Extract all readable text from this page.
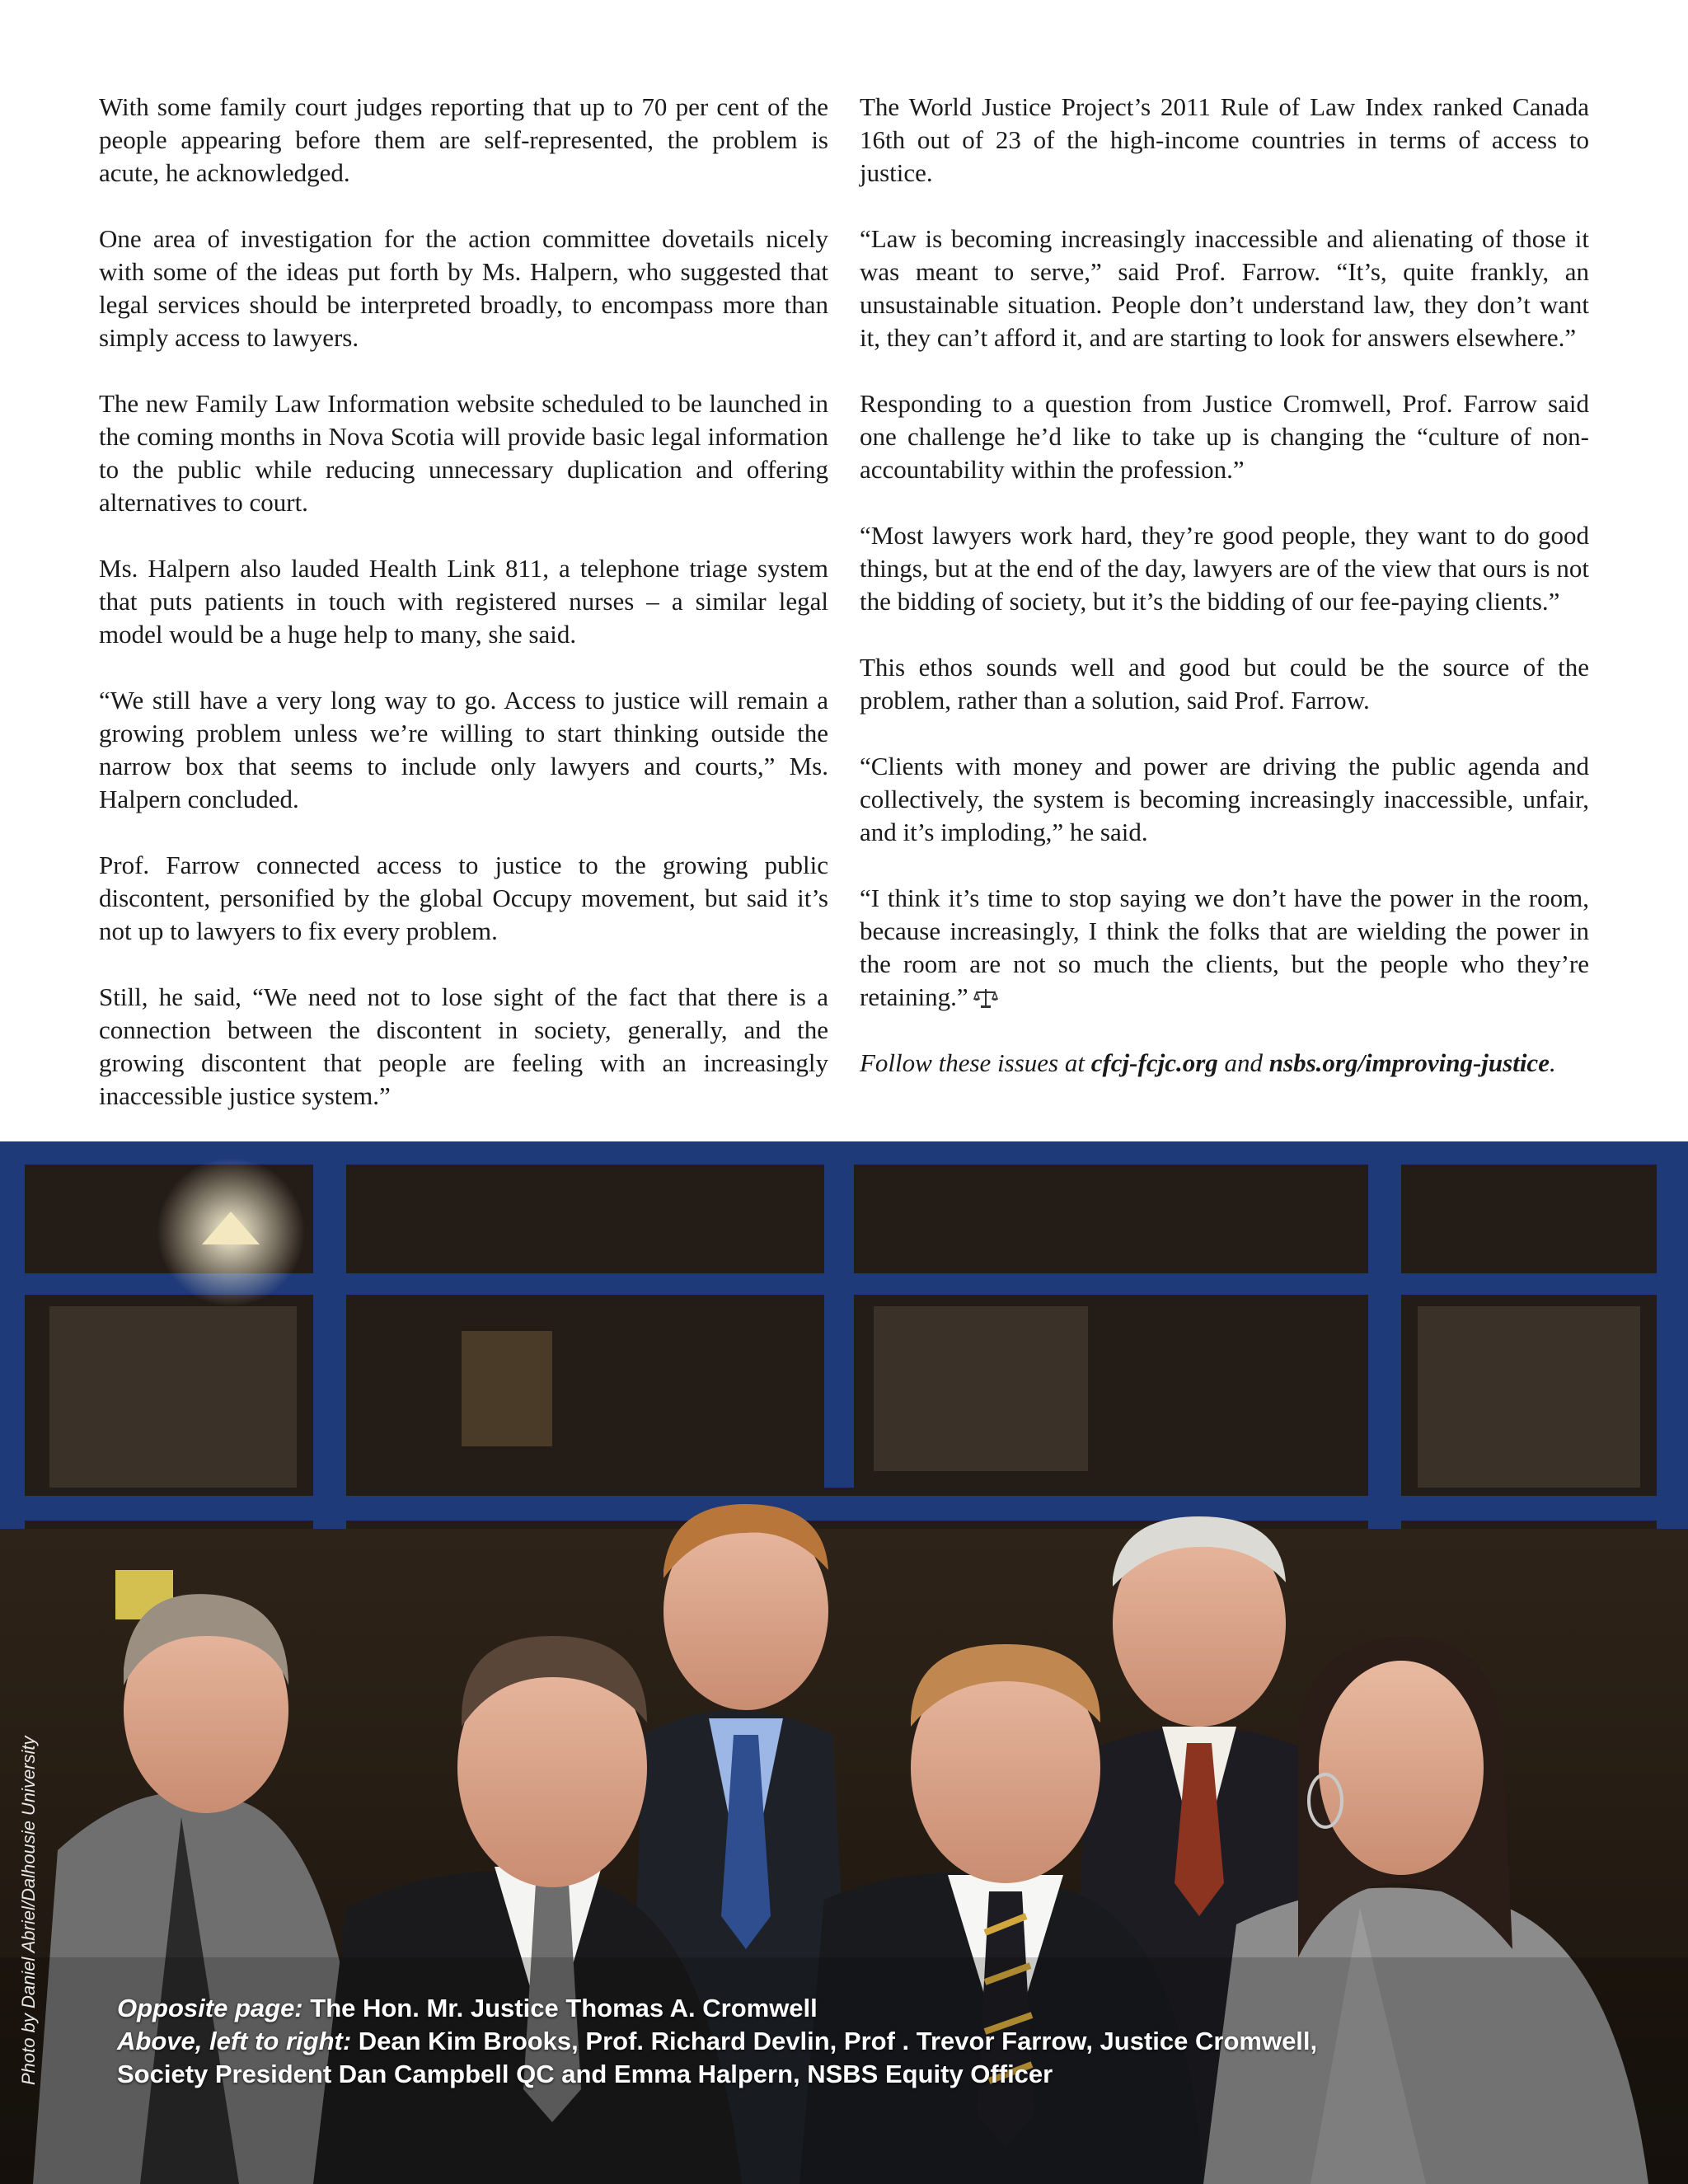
With some family court judges reporting that up to 70 per cent of the people appearing before them are self-represented, the problem is acute, he acknowledged.

One area of investigation for the action committee dovetails nicely with some of the ideas put forth by Ms. Halpern, who suggested that legal services should be interpreted broadly, to encompass more than simply access to lawyers.

The new Family Law Information website scheduled to be launched in the coming months in Nova Scotia will provide basic legal information to the public while reducing unnecessary duplication and offering alternatives to court.

Ms. Halpern also lauded Health Link 811, a telephone triage system that puts patients in touch with registered nurses – a similar legal model would be a huge help to many, she said.

“We still have a very long way to go. Access to justice will remain a growing problem unless we’re willing to start thinking outside the narrow box that seems to include only lawyers and courts,” Ms. Halpern concluded.

Prof. Farrow connected access to justice to the growing public discontent, personified by the global Occupy movement, but said it’s not up to lawyers to fix every problem.

Still, he said, “We need not to lose sight of the fact that there is a connection between the discontent in society, generally, and the growing discontent that people are feeling with an increasingly inaccessible justice system.”

The World Justice Project’s 2011 Rule of Law Index ranked Canada 16th out of 23 of the high-income countries in terms of access to justice.

“Law is becoming increasingly inaccessible and alienating of those it was meant to serve,” said Prof. Farrow. “It’s, quite frankly, an unsustainable situation. People don’t understand law, they don’t want it, they can’t afford it, and are starting to look for answers elsewhere.”

Responding to a question from Justice Cromwell, Prof. Farrow said one challenge he’d like to take up is changing the “culture of non-accountability within the profession.”

“Most lawyers work hard, they’re good people, they want to do good things, but at the end of the day, lawyers are of the view that ours is not the bidding of society, but it’s the bidding of our fee-paying clients.”

This ethos sounds well and good but could be the source of the problem, rather than a solution, said Prof. Farrow.

“Clients with money and power are driving the public agenda and collectively, the system is becoming increasingly inaccessible, unfair, and it’s imploding,” he said.

“I think it’s time to stop saying we don’t have the power in the room, because increasingly, I think the folks that are wielding the power in the room are not so much the clients, but the people who they’re retaining.”

Follow these issues at cfcj-fcjc.org and nsbs.org/improving-justice.

Photo by Daniel Abriel/Dalhousie University	Opposite page: The Hon. Mr. Justice Thomas A. Cromwell
Above, left to right: Dean Kim Brooks, Prof. Richard Devlin, Prof . Trevor Farrow, Justice Cromwell,
Society President Dan Campbell QC and Emma Halpern, NSBS Equity Officer
